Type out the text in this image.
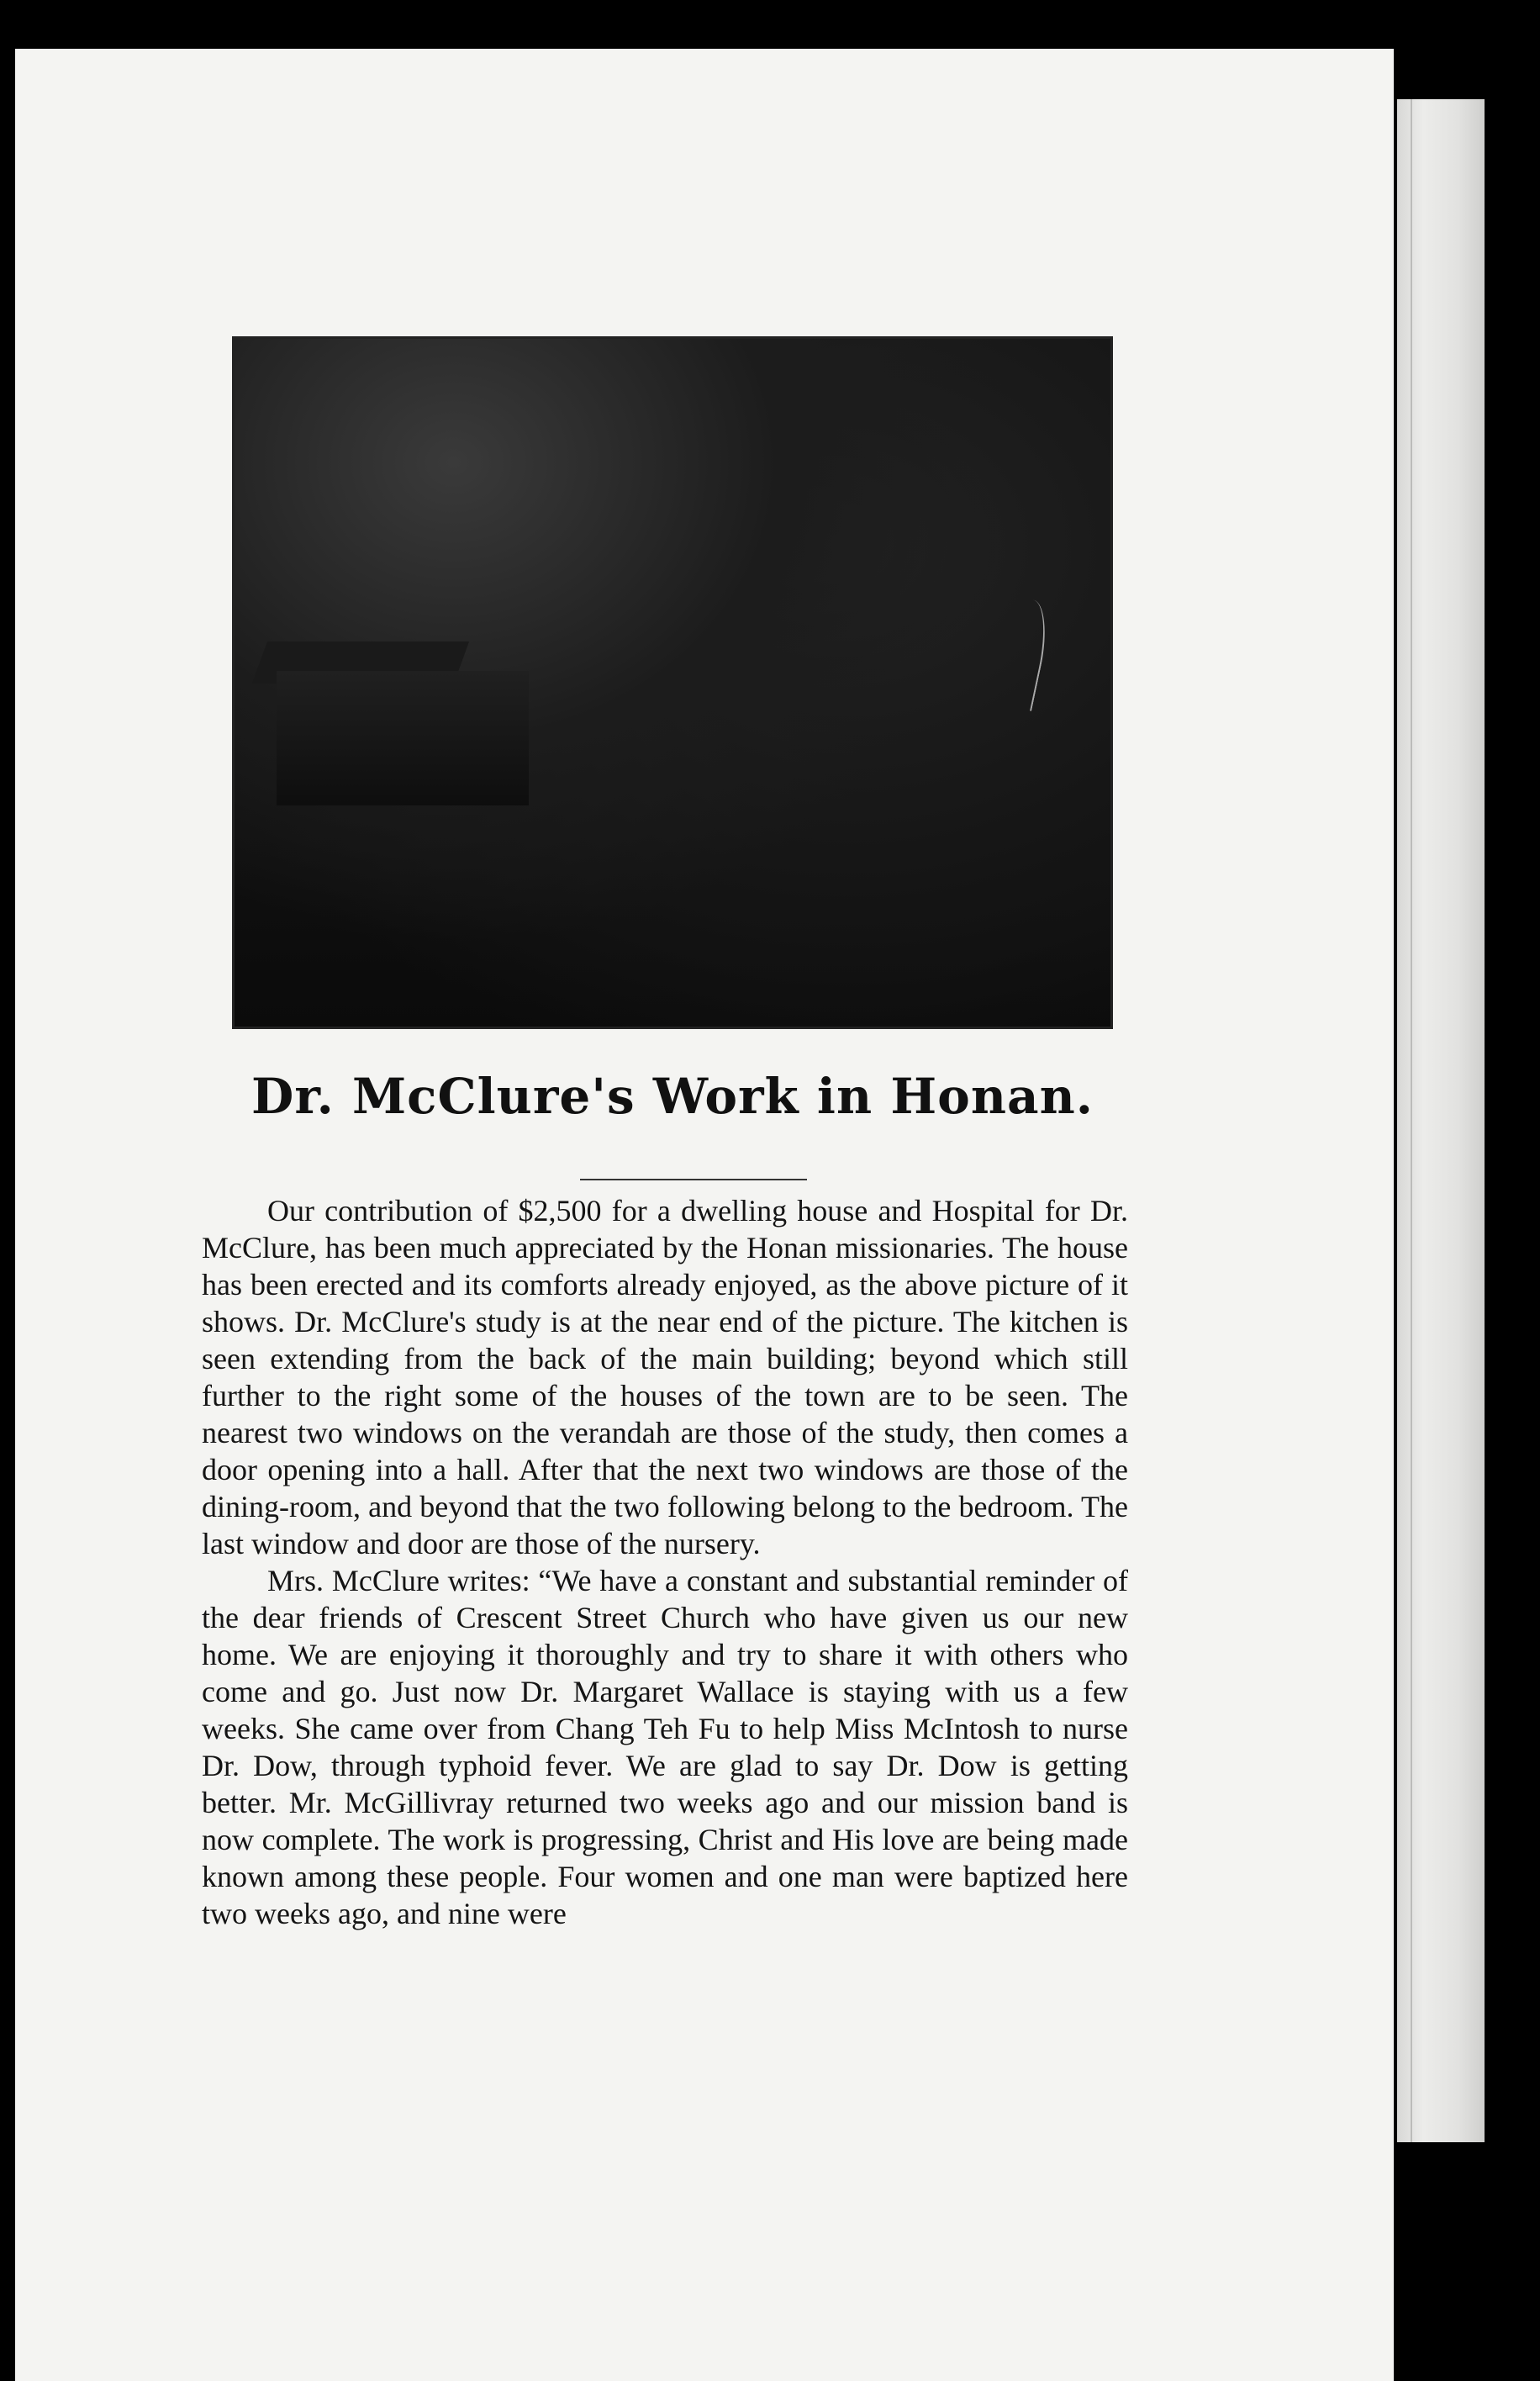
Dr. McClure's Work in Honan.

Our contribution of $2,500 for a dwelling house and Hospital for Dr. McClure, has been much appreciated by the Honan missionaries. The house has been erected and its comforts already enjoyed, as the above picture of it shows. Dr. McClure's study is at the near end of the picture. The kitchen is seen extending from the back of the main building; beyond which still further to the right some of the houses of the town are to be seen. The nearest two windows on the verandah are those of the study, then comes a door opening into a hall. After that the next two windows are those of the dining-room, and beyond that the two following belong to the bedroom. The last window and door are those of the nursery.

Mrs. McClure writes: “We have a constant and substantial reminder of the dear friends of Crescent Street Church who have given us our new home. We are enjoying it thoroughly and try to share it with others who come and go. Just now Dr. Margaret Wallace is staying with us a few weeks. She came over from Chang Teh Fu to help Miss McIntosh to nurse Dr. Dow, through typhoid fever. We are glad to say Dr. Dow is getting better. Mr. McGillivray returned two weeks ago and our mission band is now complete. The work is progressing, Christ and His love are being made known among these people. Four women and one man were baptized here two weeks ago, and nine were
